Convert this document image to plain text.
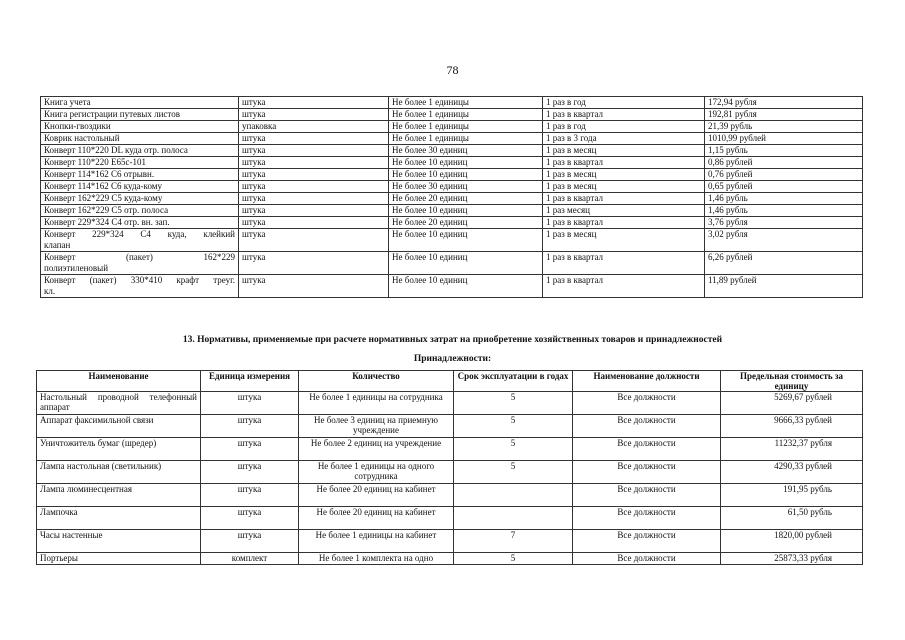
78
Книга учета	штука	Не более 1 единицы	1 раз в год	172,94 рубля
Книга регистрации путевых листов	штука	Не более 1 единицы	1 раз в квартал	192,81 рубля
Кнопки-гвоздики	упаковка	Не более 1 единицы	1 раз в год	21,39 рубль
Коврик настольный	штука	Не более 1 единицы	1 раз в 3 года	1010,99 рублей
Конверт 110*220 DL куда отр. полоса	штука	Не более 30 единиц	1 раз в месяц	1,15 рубль
Конверт 110*220 Е65с-101	штука	Не более 10 единиц	1 раз в квартал	0,86 рублей
Конверт 114*162 С6 отрывн.	штука	Не более 10 единиц	1 раз в месяц	0,76 рублей
Конверт 114*162 С6 куда-кому	штука	Не более 30 единиц	1 раз в месяц	0,65 рублей
Конверт 162*229 С5 куда-кому	штука	Не более 20 единиц	1 раз в квартал	1,46 рубль
Конверт 162*229 С5 отр. полоса	штука	Не более 10 единиц	1 раз месяц	1,46 рубль
Конверт 229*324 С4 отр. вн. зап.	штука	Не более 20 единиц	1 раз в квартал	3,76 рубля
Конверт 229*324 С4 куда, клейкий	штука	Не более 10 единиц	1 раз в месяц	3,02 рубля
клапан				
Конверт (пакет) 162*229	штука	Не более 10 единиц	1 раз в квартал	6,26 рублей
полиэтиленовый				
Конверт (пакет) 330*410 крафт треуг.	штука	Не более 10 единиц	1 раз в квартал	11,89 рублей
кл.				
13. Нормативы, применяемые при расчете нормативных затрат на приобретение хозяйственных товаров и принадлежностей
Принадлежности:
Наименование	Единица измерения	Количество	Срок эксплуатации в годах	Наименование должности	Предельная стоимость за единицу
Настольный проводной телефонный аппарат	штука	Не более 1 единицы на сотрудника	5	Все должности	5269,67 рублей
Аппарат факсимильной связи	штука	Не более 3 единиц на приемную учреждение	5	Все должности	9666,33 рублей
Уничтожитель бумаг (шредер)	штука	Не более 2 единиц на учреждение	5	Все должности	11232,37 рубля
Лампа настольная (светильник)	штука	Не более 1 единицы на одного сотрудника	5	Все должности	4290,33 рублей
Лампа люминесцентная	штука	Не более 20 единиц на кабинет		Все должности	191,95 рубль
Лампочка	штука	Не более 20 единиц на кабинет		Все должности	61,50 рубль
Часы настенные	штука	Не более 1 единицы на кабинет	7	Все должности	1820,00 рублей
Портьеры	комплект	Не более 1 комплекта на одно	5	Все должности	25873,33 рубля
